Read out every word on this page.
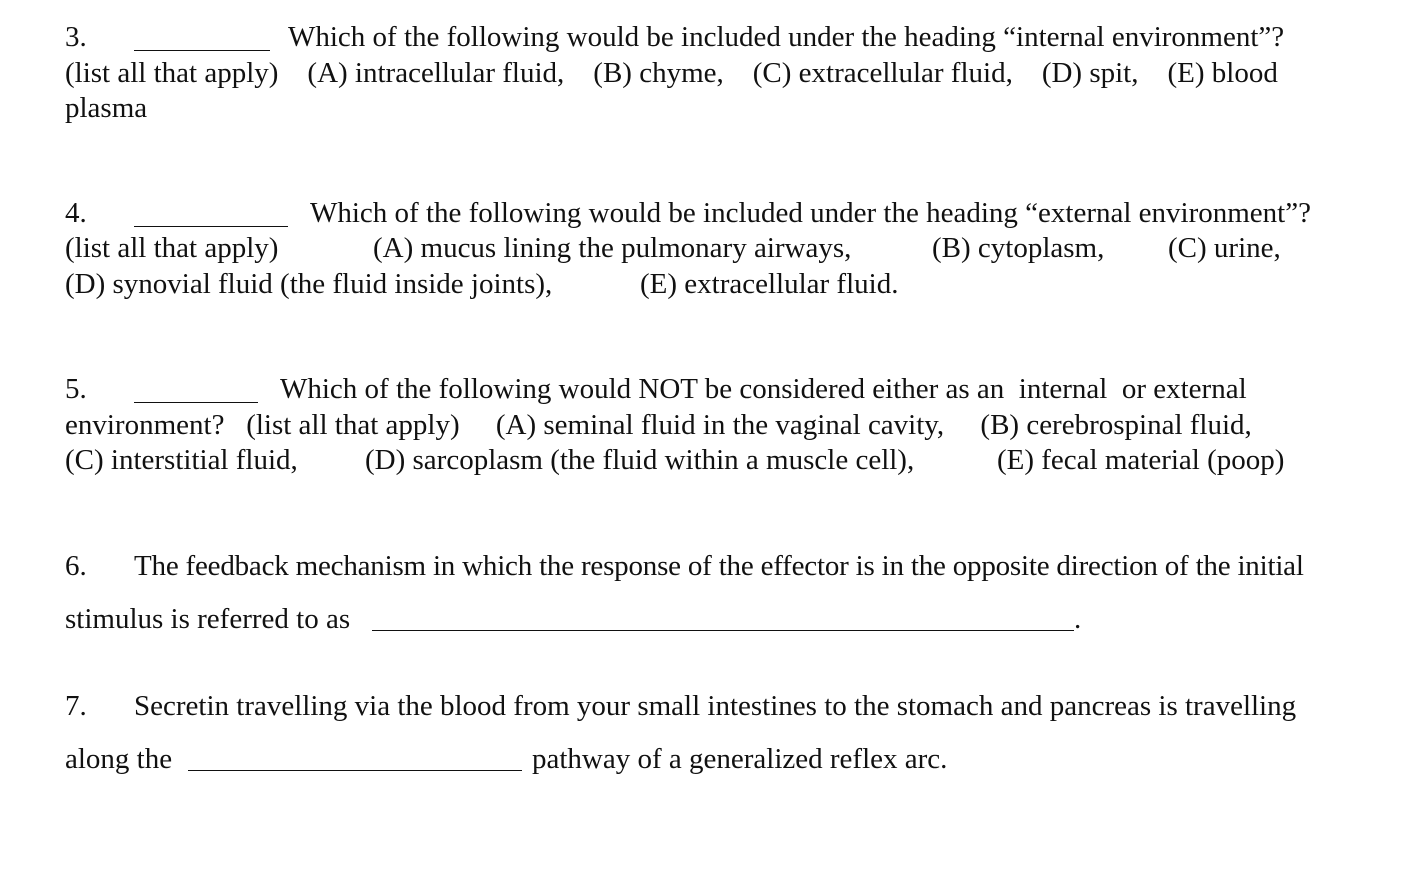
3.	Which of the following would be included under the heading “internal environment”?
(list all that apply)    (A) intracellular fluid,    (B) chyme,    (C) extracellular fluid,    (D) spit,    (E) blood
plasma
4.	Which of the following would be included under the heading “external environment”?
(list all that apply)	(A) mucus lining the pulmonary airways,	(B) cytoplasm, (C) urine,
(D) synovial fluid (the fluid inside joints),	(E) extracellular fluid.
5.	Which of the following would NOT be considered either as an  internal  or external
environment?   (list all that apply)     (A) seminal fluid in the vaginal cavity,     (B) cerebrospinal fluid,
(C) interstitial fluid, (D) sarcoplasm (the fluid within a muscle cell),	(E) fecal material (poop)
6. The feedback mechanism in which the response of the effector is in the opposite direction of the initial
stimulus is referred to as	.
7. Secretin travelling via the blood from your small intestines to the stomach and pancreas is travelling
along the	pathway of a generalized reflex arc.
